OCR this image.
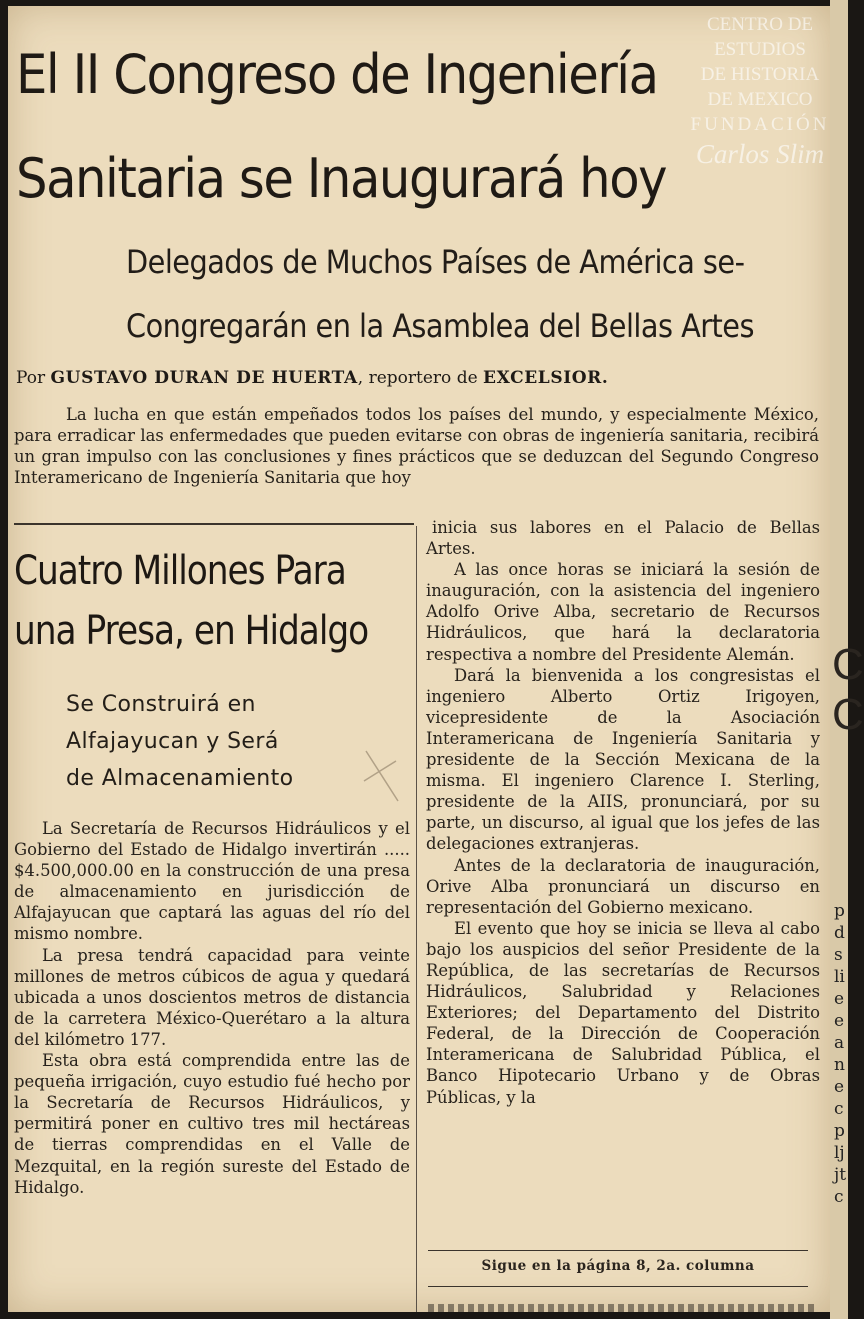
El II Congreso de Ingeniería
Sanitaria se Inaugurará hoy
Delegados de Muchos Países de América se-
Congregarán en la Asamblea del Bellas Artes
Por GUSTAVO DURAN DE HUERTA, reportero de EXCELSIOR.

La lucha en que están empeñados todos los países del mundo, y especialmente México, para erradicar las enfermedades que pueden evitarse con obras de ingeniería sanitaria, recibirá un gran impulso con las conclusiones y fines prácticos que se deduzcan del Segundo Congreso Interamericano de Ingeniería Sanitaria que hoy

Cuatro Millones Para
una Presa, en Hidalgo
Se Construirá en
Alfajayucan y Será
de Almacenamiento

La Secretaría de Recursos Hidráulicos y el Gobierno del Estado de Hidalgo invertirán ..... $4.500,000.00 en la construcción de una presa de almacenamiento en jurisdicción de Alfajayucan que captará las aguas del río del mismo nombre.

La presa tendrá capacidad para veinte millones de metros cúbicos de agua y quedará ubicada a unos doscientos metros de distancia de la carretera México-Querétaro a la altura del kilómetro 177.

Esta obra está comprendida entre las de pequeña irrigación, cuyo estudio fué hecho por la Secretaría de Recursos Hidráulicos, y permitirá poner en cultivo tres mil hectáreas de tierras comprendidas en el Valle de Mezquital, en la región sureste del Estado de Hidalgo.

inicia sus labores en el Palacio de Bellas Artes.

A las once horas se iniciará la sesión de inauguración, con la asistencia del ingeniero Adolfo Orive Alba, secretario de Recursos Hidráulicos, que hará la declaratoria respectiva a nombre del Presidente Alemán.

Dará la bienvenida a los congresistas el ingeniero Alberto Ortiz Irigoyen, vicepresidente de la Asociación Interamericana de Ingeniería Sanitaria y presidente de la Sección Mexicana de la misma. El ingeniero Clarence I. Sterling, presidente de la AIIS, pronunciará, por su parte, un discurso, al igual que los jefes de las delegaciones extranjeras.

Antes de la declaratoria de inauguración, Orive Alba pronunciará un discurso en representación del Gobierno mexicano.

El evento que hoy se inicia se lleva al cabo bajo los auspicios del señor Presidente de la República, de las secretarías de Recursos Hidráulicos, Salubridad y Relaciones Exteriores; del Departamento del Distrito Federal, de la Dirección de Cooperación Interamericana de Salubridad Pública, el Banco Hipotecario Urbano y de Obras Públicas, y la

Sigue en la página 8, 2a. columna
CENTRO DE
ESTUDIOS
DE HISTORIA
DE MEXICO
FUNDACIÓN
Carlos Slim
C
C
pdsliee anecpljjtc
